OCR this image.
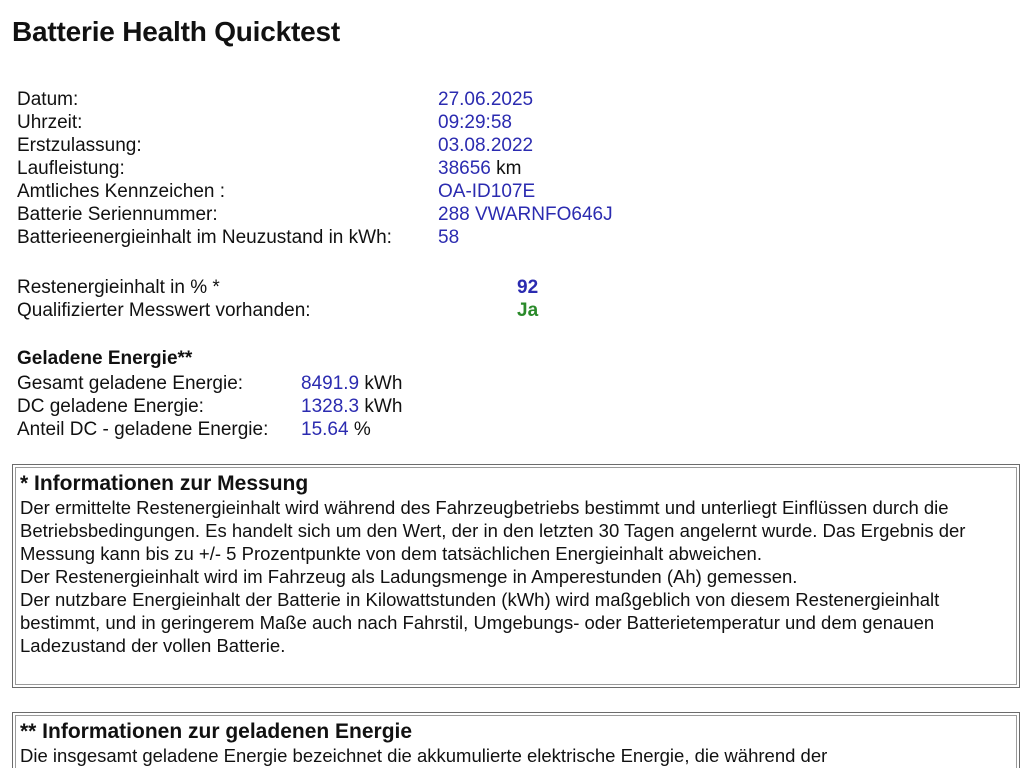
Batterie Health Quicktest
Datum:	27.06.2025
Uhrzeit:	09:29:58
Erstzulassung:	03.08.2022
Laufleistung:	38656 km
Amtliches Kennzeichen :	OA-ID107E
Batterie Seriennummer:	288 VWARNFO646J
Batterieenergieinhalt im Neuzustand in kWh: 58
Restenergieinhalt in % *	92
Qualifizierter Messwert vorhanden:	Ja
Geladene Energie**
Gesamt geladene Energie:	8491.9 kWh
DC geladene Energie:	1328.3 kWh
Anteil DC - geladene Energie: 15.64 %
* Informationen zur Messung

Der ermittelte Restenergieinhalt wird während des Fahrzeugbetriebs bestimmt und unterliegt Einflüssen durch die Betriebsbedingungen. Es handelt sich um den Wert, der in den letzten 30 Tagen angelernt wurde. Das Ergebnis der Messung kann bis zu +/- 5 Prozentpunkte von dem tatsächlichen Energieinhalt abweichen.

Der Restenergieinhalt wird im Fahrzeug als Ladungsmenge in Amperestunden (Ah) gemessen.

Der nutzbare Energieinhalt der Batterie in Kilowattstunden (kWh) wird maßgeblich von diesem Restenergieinhalt bestimmt, und in geringerem Maße auch nach Fahrstil, Umgebungs- oder Batterietemperatur und dem genauen Ladezustand der vollen Batterie.

** Informationen zur geladenen Energie

Die insgesamt geladene Energie bezeichnet die akkumulierte elektrische Energie, die während der
